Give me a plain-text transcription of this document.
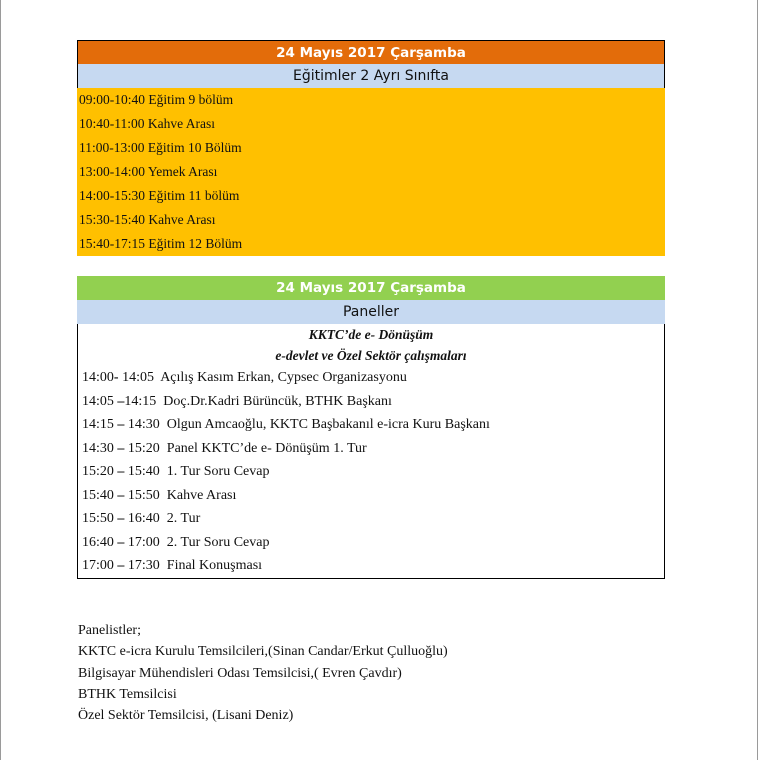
24 Mayıs 2017 Çarşamba
Eğitimler 2 Ayrı Sınıfta
09:00-10:40 Eğitim 9 bölüm
10:40-11:00 Kahve Arası
11:00-13:00 Eğitim 10 Bölüm
13:00-14:00 Yemek Arası
14:00-15:30 Eğitim 11 bölüm
15:30-15:40 Kahve Arası
15:40-17:15 Eğitim 12 Bölüm
24 Mayıs 2017 Çarşamba
Paneller
KKTC’de e- Dönüşüm
e-devlet ve Özel Sektör çalışmaları
14:00- 14:05 Açılış Kasım Erkan, Cypsec Organizasyonu
14:05 –14:15 Doç.Dr.Kadri Bürüncük, BTHK Başkanı
14:15 – 14:30 Olgun Amcaoğlu, KKTC Başbakanıl e-icra Kuru Başkanı
14:30 – 15:20 Panel KKTC’de e- Dönüşüm 1. Tur
15:20 – 15:40 1. Tur Soru Cevap
15:40 – 15:50 Kahve Arası
15:50 – 16:40 2. Tur
16:40 – 17:00 2. Tur Soru Cevap
17:00 – 17:30 Final Konuşması
Panelistler;
KKTC e-icra Kurulu Temsilcileri,(Sinan Candar/Erkut Çulluoğlu)
Bilgisayar Mühendisleri Odası Temsilcisi,( Evren Çavdır)
BTHK Temsilcisi
Özel Sektör Temsilcisi, (Lisani Deniz)
